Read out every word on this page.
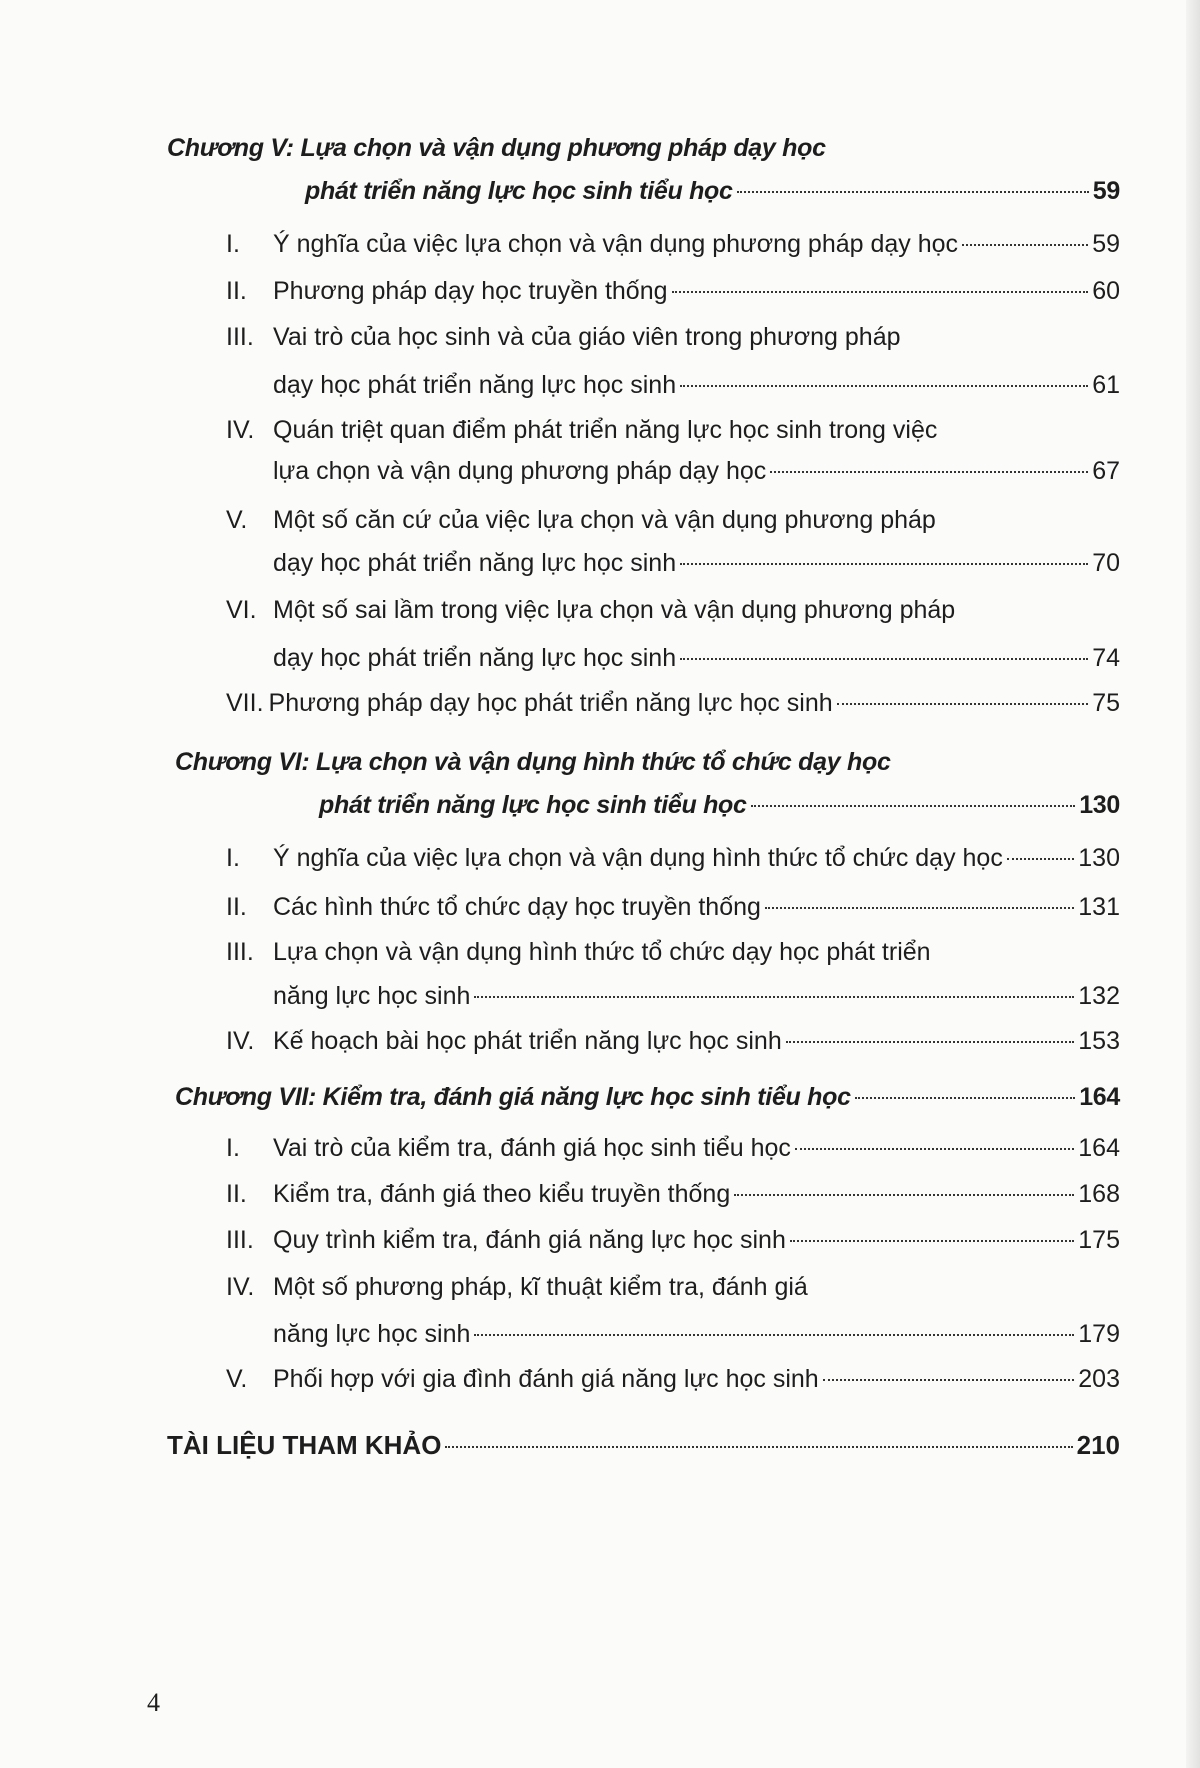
Chương V: Lựa chọn và vận dụng phương pháp dạy học
phát triển năng lực học sinh tiểu học	59
I.	Ý nghĩa của việc lựa chọn và vận dụng phương pháp dạy học	59
II.	Phương pháp dạy học truyền thống	60
III. Vai trò của học sinh và của giáo viên trong phương pháp
dạy học phát triển năng lực học sinh	61
IV. Quán triệt quan điểm phát triển năng lực học sinh trong việc
lựa chọn và vận dụng phương pháp dạy học	67
V.	Một số căn cứ của việc lựa chọn và vận dụng phương pháp
dạy học phát triển năng lực học sinh	70
VI. Một số sai lầm trong việc lựa chọn và vận dụng phương pháp
dạy học phát triển năng lực học sinh	74
VII. Phương pháp dạy học phát triển năng lực học sinh	75
Chương VI: Lựa chọn và vận dụng hình thức tổ chức dạy học
phát triển năng lực học sinh tiểu học	130
I.	Ý nghĩa của việc lựa chọn và vận dụng hình thức tổ chức dạy học	130
II.	Các hình thức tổ chức dạy học truyền thống	131
III. Lựa chọn và vận dụng hình thức tổ chức dạy học phát triển
năng lực học sinh	132
IV. Kế hoạch bài học phát triển năng lực học sinh	153
Chương VII: Kiểm tra, đánh giá năng lực học sinh tiểu học	164
I.	Vai trò của kiểm tra, đánh giá học sinh tiểu học	164
II.	Kiểm tra, đánh giá theo kiểu truyền thống	168
III. Quy trình kiểm tra, đánh giá năng lực học sinh	175
IV. Một số phương pháp, kĩ thuật kiểm tra, đánh giá
năng lực học sinh	179
V.	Phối hợp với gia đình đánh giá năng lực học sinh	203
TÀI LIỆU THAM KHẢO	210
4
